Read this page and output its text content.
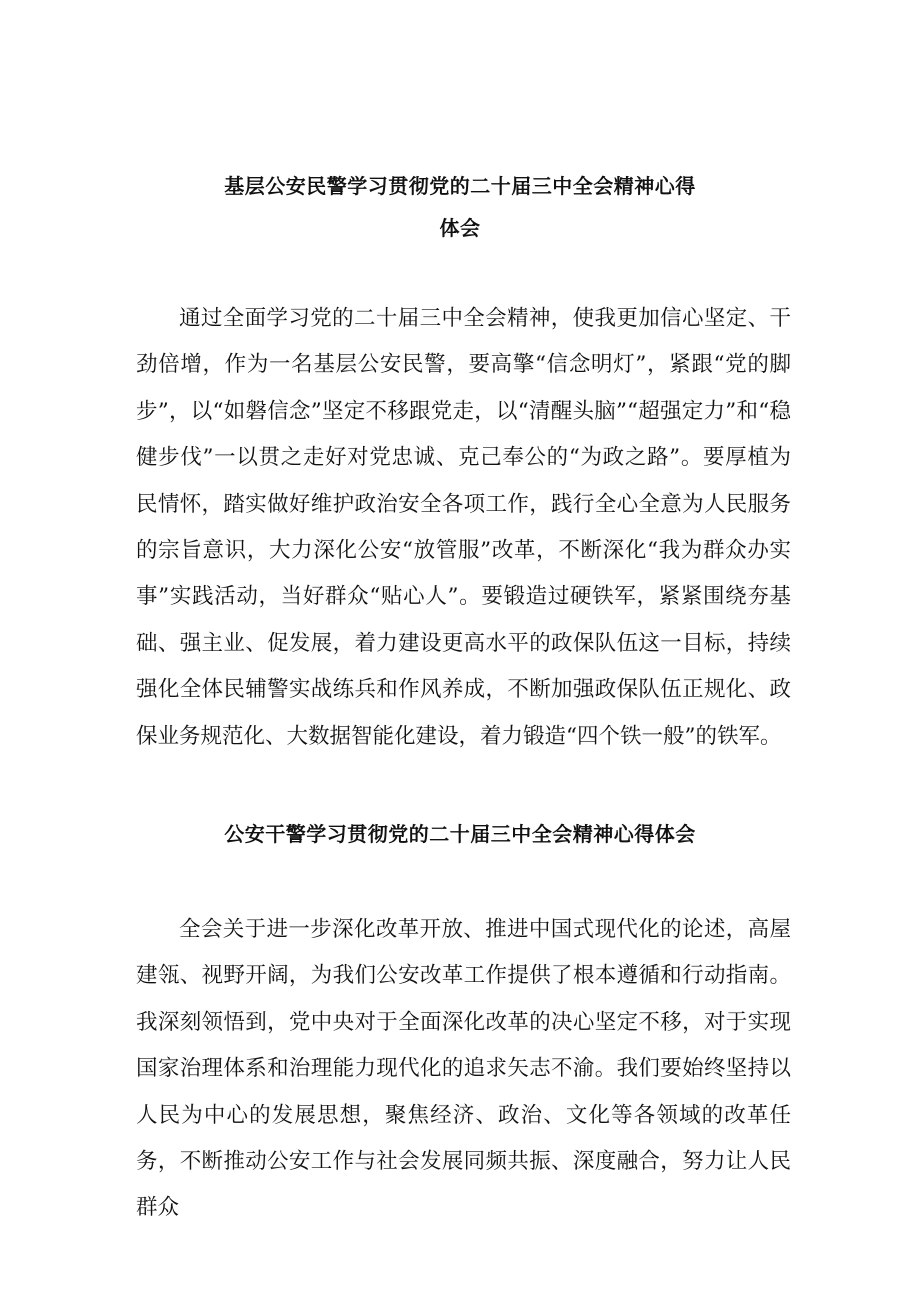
基层公安民警学习贯彻党的二十届三中全会精神心得
体会

通过全面学习党的二十届三中全会精神，使我更加信心坚定、干劲倍增，作为一名基层公安民警，要高擎“信念明灯”，紧跟“党的脚步”，以“如磐信念”坚定不移跟党走，以“清醒头脑”“超强定力”和“稳健步伐”一以贯之走好对党忠诚、克己奉公的“为政之路”。要厚植为民情怀，踏实做好维护政治安全各项工作，践行全心全意为人民服务的宗旨意识，大力深化公安“放管服”改革，不断深化“我为群众办实事”实践活动，当好群众“贴心人”。要锻造过硬铁军，紧紧围绕夯基础、强主业、促发展，着力建设更高水平的政保队伍这一目标，持续强化全体民辅警实战练兵和作风养成，不断加强政保队伍正规化、政保业务规范化、大数据智能化建设，着力锻造“四个铁一般”的铁军。

公安干警学习贯彻党的二十届三中全会精神心得体会

全会关于进一步深化改革开放、推进中国式现代化的论述，高屋建瓴、视野开阔，为我们公安改革工作提供了根本遵循和行动指南。我深刻领悟到，党中央对于全面深化改革的决心坚定不移，对于实现国家治理体系和治理能力现代化的追求矢志不渝。我们要始终坚持以人民为中心的发展思想，聚焦经济、政治、文化等各领域的改革任务，不断推动公安工作与社会发展同频共振、深度融合，努力让人民群众
